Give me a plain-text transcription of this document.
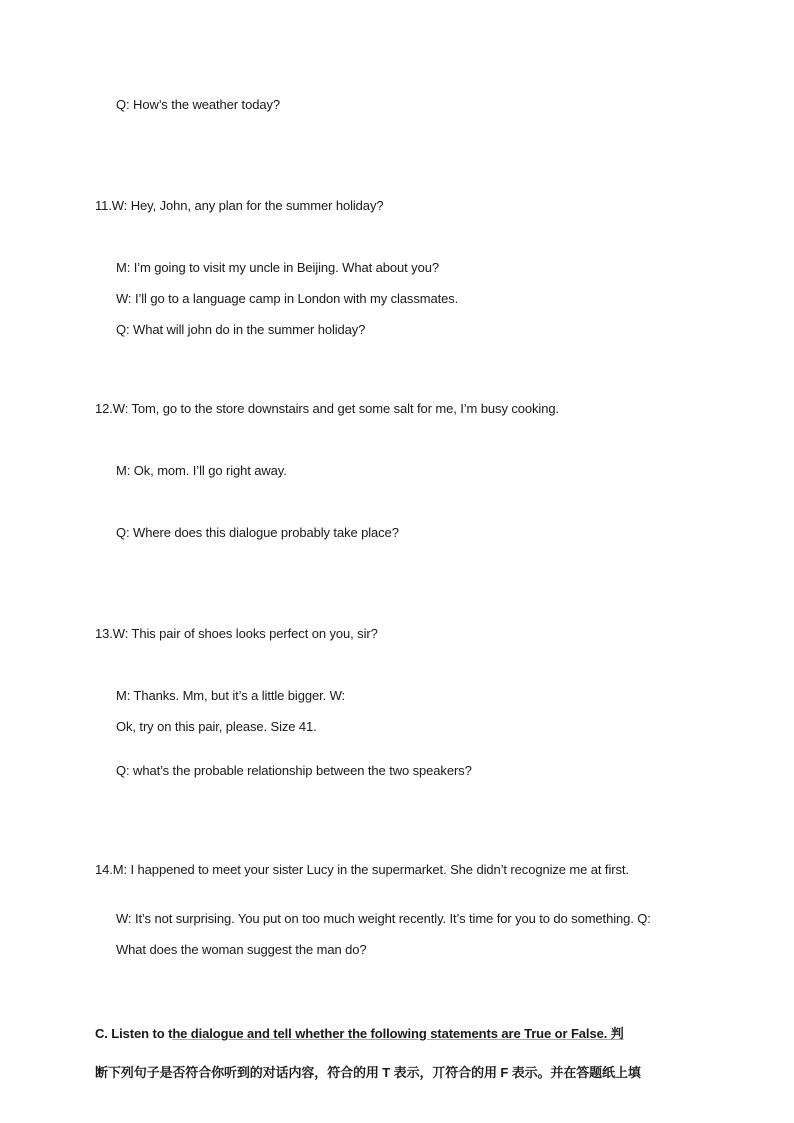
Q: How’s the weather today?
11.W: Hey, John, any plan for the summer holiday?
M: I’m going to visit my uncle in Beijing. What about you?
W: I’ll go to a language camp in London with my classmates.
Q: What will john do in the summer holiday?
12.W: Tom, go to the store downstairs and get some salt for me, I’m busy cooking.
M: Ok, mom. I’ll go right away.
Q: Where does this dialogue probably take place?
13.W: This pair of shoes looks perfect on you, sir?
M: Thanks. Mm, but it’s a little bigger. W:
Ok, try on this pair, please. Size 41.
Q: what’s the probable relationship between the two speakers?
14.M: I happened to meet your sister Lucy in the supermarket. She didn’t recognize me at first.
W: It’s not surprising. You put on too much weight recently. It’s time for you to do something. Q:
What does the woman suggest the man do?
C. Listen to the dialogue and tell whether the following statements are True or False. 判
断下列句子是否符合你听到的对话内容，符合的用 T 表示，丌符合的用 F 表示。并在答题纸上填
